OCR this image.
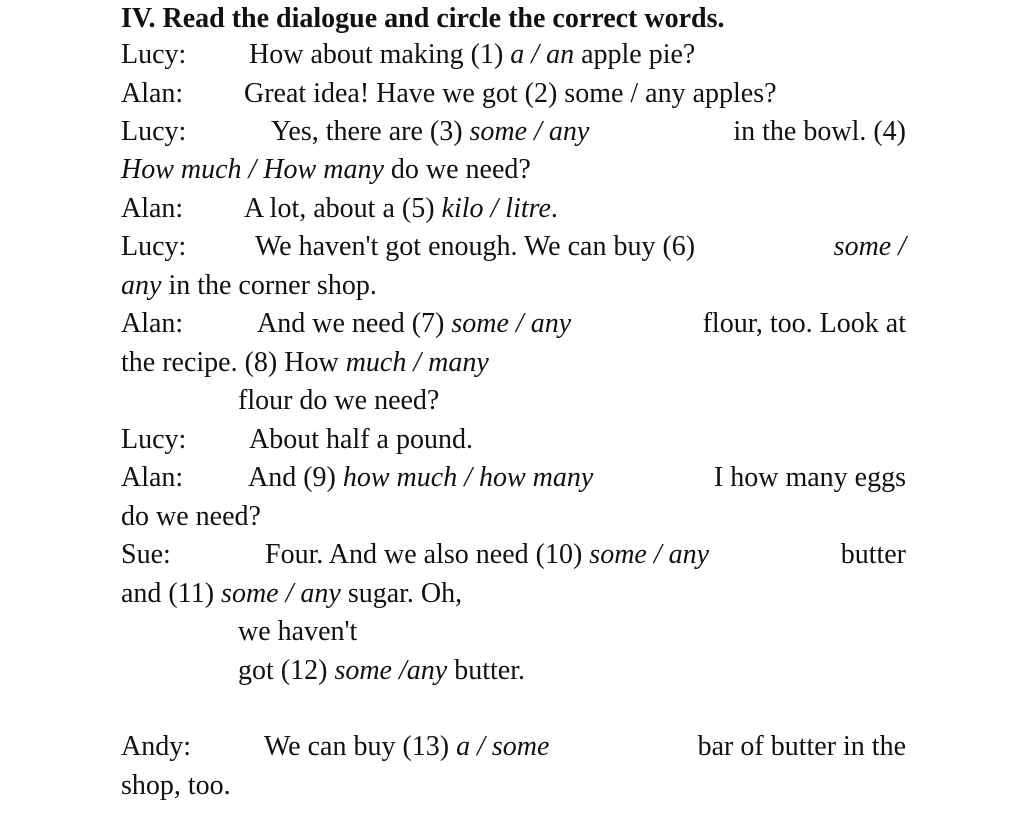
IV. Read the dialogue and circle the correct words.
Lucy: How about making (1) a / an apple pie?
Alan: Great idea! Have we got (2) some / any apples?
Lucy:	Yes, there are (3) some / any	in the bowl. (4)
How much / How many do we need?
Alan: A lot, about a (5) kilo / litre.
Lucy: We haven't got enough. We can buy (6)	some /
any in the corner shop.
Alan:	And we need (7) some / any	flour, too. Look at
the recipe. (8) How much / many
flour do we need?
Lucy: About half a pound.
Alan: And (9) how much / how many	I how many eggs
do we need?
Sue:	Four. And we also need (10) some / any	butter
and (11) some / any sugar. Oh,
we haven't
got (12) some /any butter.
Andy:	We can buy (13) a / some	bar of butter in the
shop, too.
